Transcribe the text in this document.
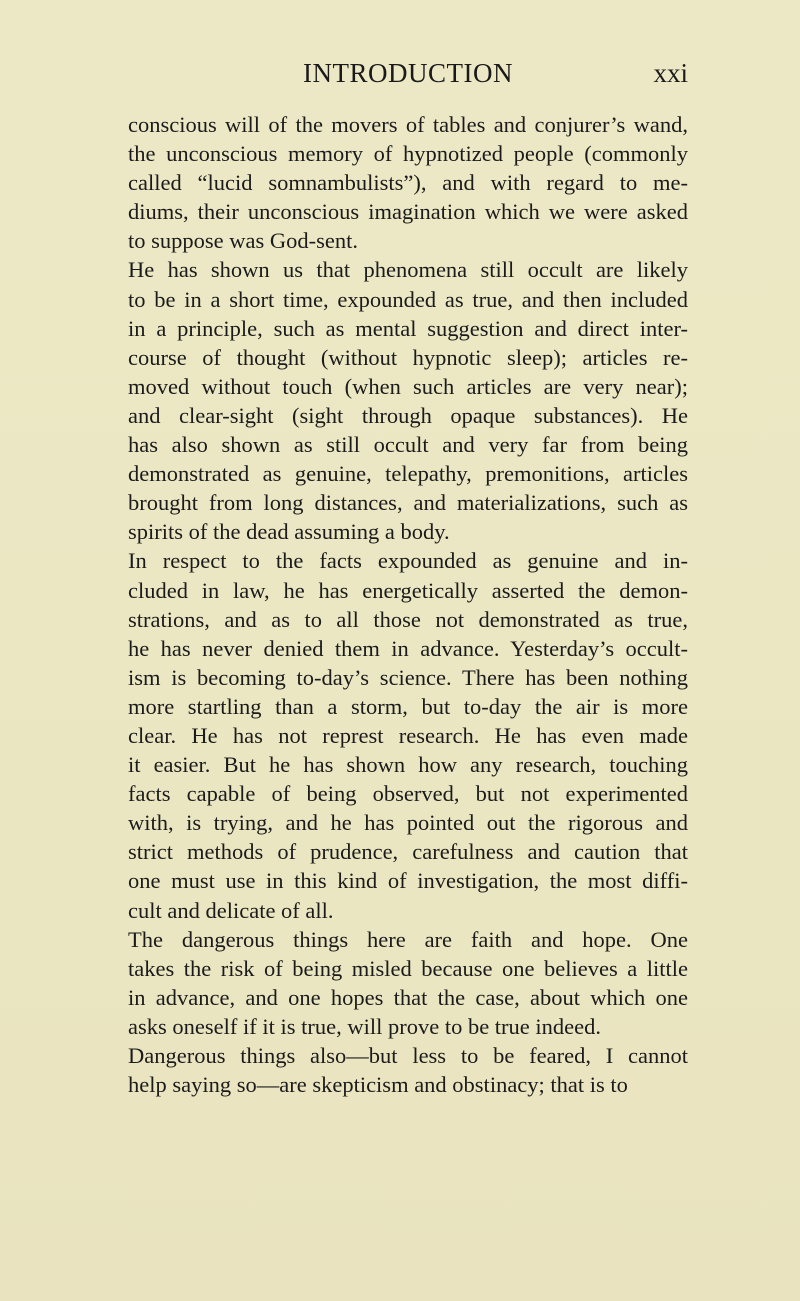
INTRODUCTION	xxi

conscious will of the movers of tables and conjurer’s wand,
the unconscious memory of hypnotized people (commonly
called “lucid somnambulists”), and with regard to me-
diums, their unconscious imagination which we were asked
to suppose was God-sent.

He has shown us that phenomena still occult are likely
to be in a short time, expounded as true, and then included
in a principle, such as mental suggestion and direct inter-
course of thought (without hypnotic sleep); articles re-
moved without touch (when such articles are very near);
and clear-sight (sight through opaque substances). He
has also shown as still occult and very far from being
demonstrated as genuine, telepathy, premonitions, articles
brought from long distances, and materializations, such as
spirits of the dead assuming a body.

In respect to the facts expounded as genuine and in-
cluded in law, he has energetically asserted the demon-
strations, and as to all those not demonstrated as true,
he has never denied them in advance. Yesterday’s occult-
ism is becoming to-day’s science. There has been nothing
more startling than a storm, but to-day the air is more
clear. He has not represt research. He has even made
it easier. But he has shown how any research, touching
facts capable of being observed, but not experimented
with, is trying, and he has pointed out the rigorous and
strict methods of prudence, carefulness and caution that
one must use in this kind of investigation, the most diffi-
cult and delicate of all.

The dangerous things here are faith and hope. One
takes the risk of being misled because one believes a little
in advance, and one hopes that the case, about which one
asks oneself if it is true, will prove to be true indeed.

Dangerous things also—but less to be feared, I cannot
help saying so—are skepticism and obstinacy; that is to
